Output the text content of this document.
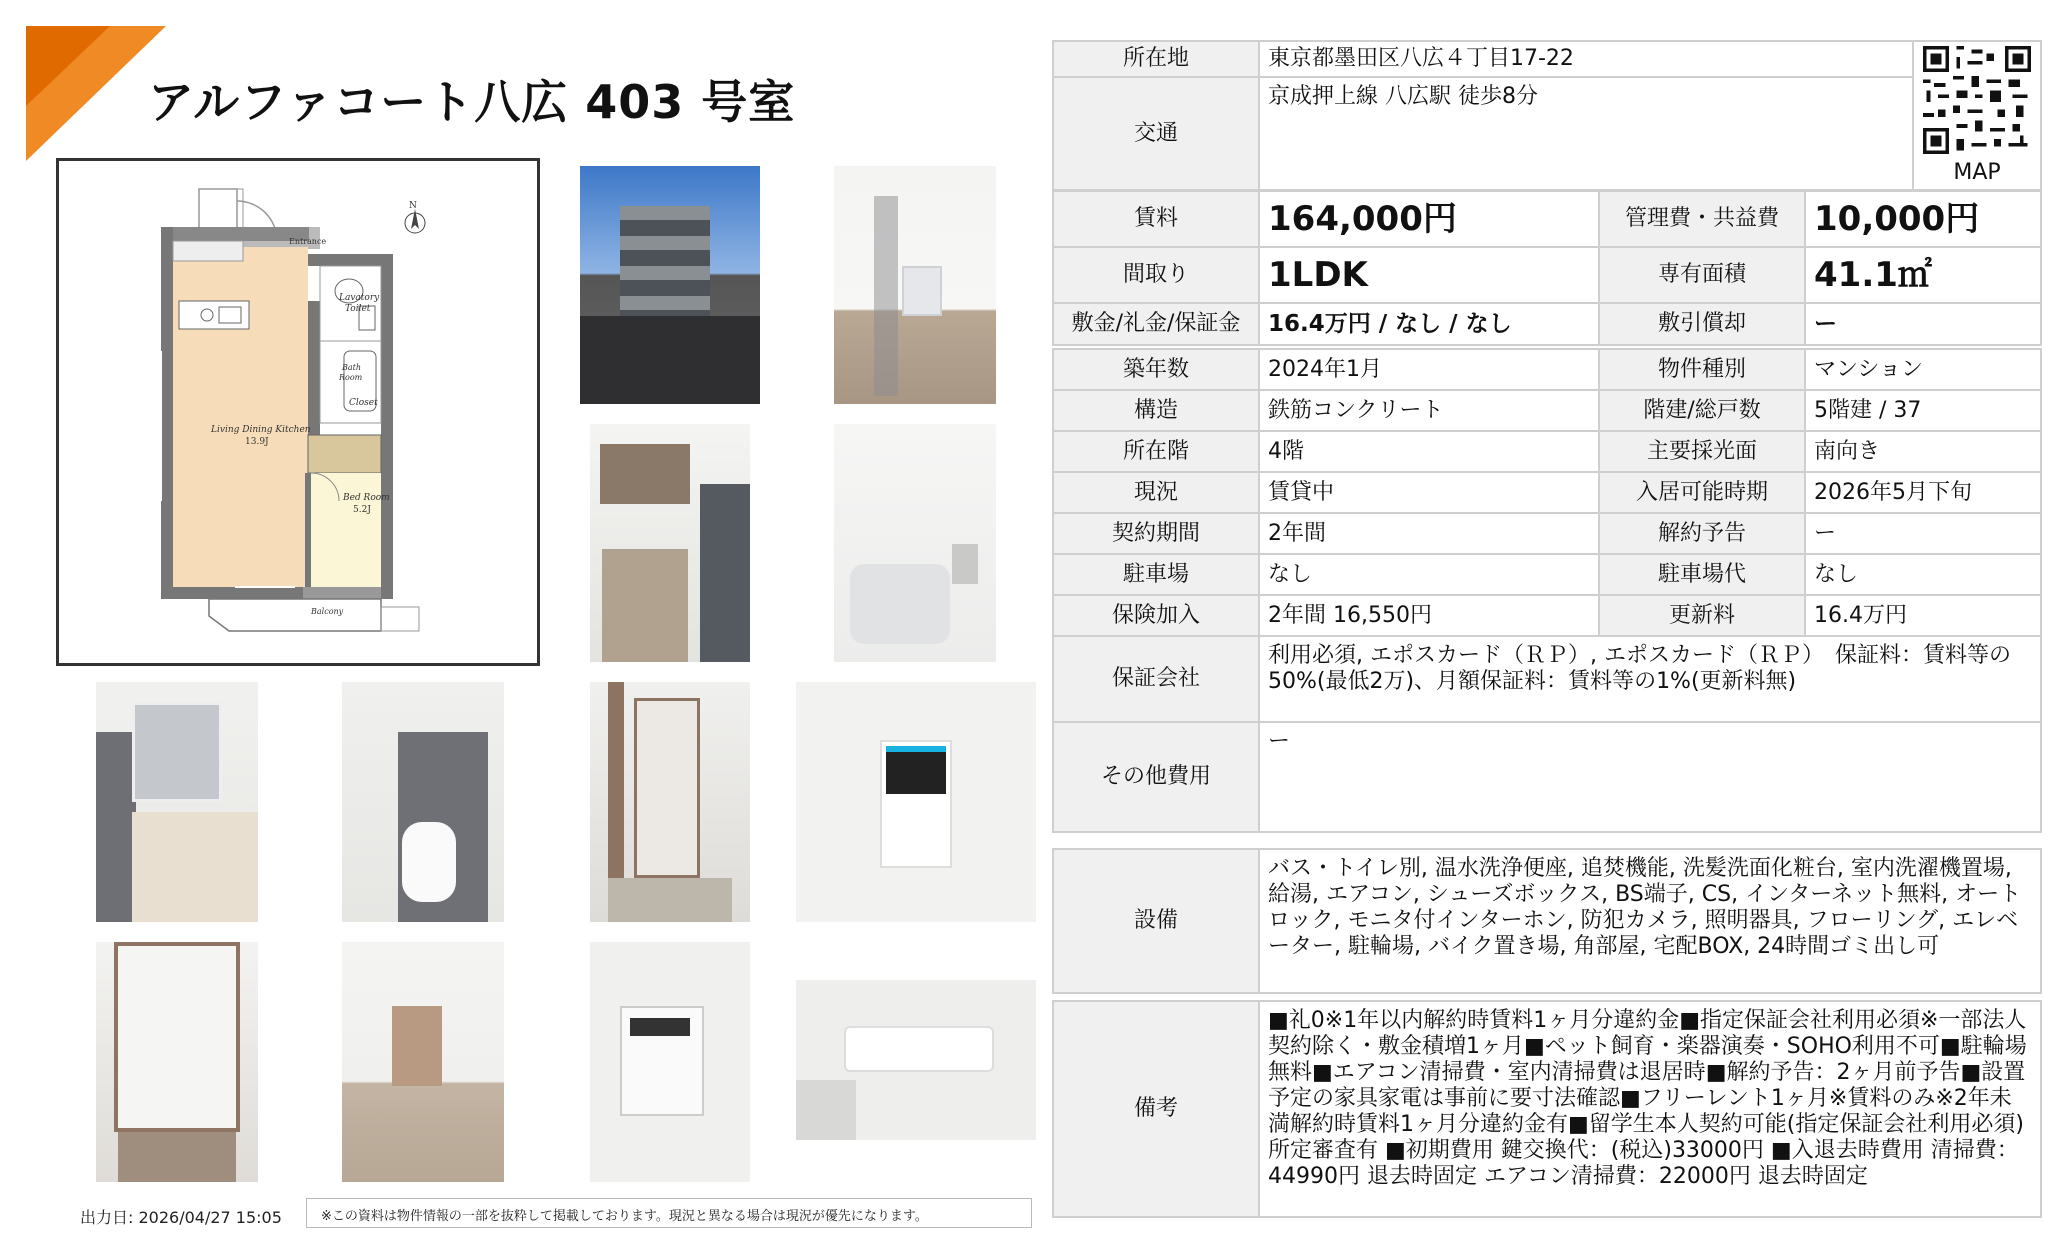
アルファコート八広 403 号室
N
Entrance
Lavatory
Toilet
Bath
Room
Closet
Living Dining Kitchen
13.9J
Bed Room
5.2J
Balcony
出力日: 2026/04/27 15:05	※この資料は物件情報の一部を抜粋して掲載しております。現況と異なる場合は現況が優先になります。
所在地	東京都墨田区八広４丁目17-22	MAP

交通	京成押上線 八広駅 徒歩8分	
賃料	164,000円	管理費・共益費	10,000円
間取り	1LDK	専有面積	41.1㎡
敷金/礼金/保証金	16.4万円 / なし / なし	敷引償却	ー
築年数	2024年1月	物件種別	マンション
構造	鉄筋コンクリート	階建/総戸数	5階建 / 37
所在階	4階	主要採光面	南向き
現況	賃貸中	入居可能時期	2026年5月下旬
契約期間	2年間	解約予告	ー
駐車場	なし	駐車場代	なし
保険加入	2年間 16,550円	更新料	16.4万円
保証会社	利用必須, エポスカード（ＲＰ）, エポスカード（ＲＰ）　保証料：賃料等の50%(最低2万)、月額保証料：賃料等の1%(更新料無)		
その他費用	ー		
設備	バス・トイレ別, 温水洗浄便座, 追焚機能, 洗髪洗面化粧台, 室内洗濯機置場, 給湯, エアコン, シューズボックス, BS端子, CS, インターネット無料, オートロック, モニタ付インターホン, 防犯カメラ, 照明器具, フローリング, エレベーター, 駐輪場, バイク置き場, 角部屋, 宅配BOX, 24時間ゴミ出し可
備考	■礼0※1年以内解約時賃料1ヶ月分違約金■指定保証会社利用必須※一部法人契約除く・敷金積増1ヶ月■ペット飼育・楽器演奏・SOHO利用不可■駐輪場無料■エアコン清掃費・室内清掃費は退居時■解約予告：2ヶ月前予告■設置予定の家具家電は事前に要寸法確認■フリーレント1ヶ月※賃料のみ※2年未満解約時賃料1ヶ月分違約金有■留学生本人契約可能(指定保証会社利用必須)所定審査有 ■初期費用 鍵交換代：(税込)33000円 ■入退去時費用 清掃費：44990円 退去時固定 エアコン清掃費：22000円 退去時固定
